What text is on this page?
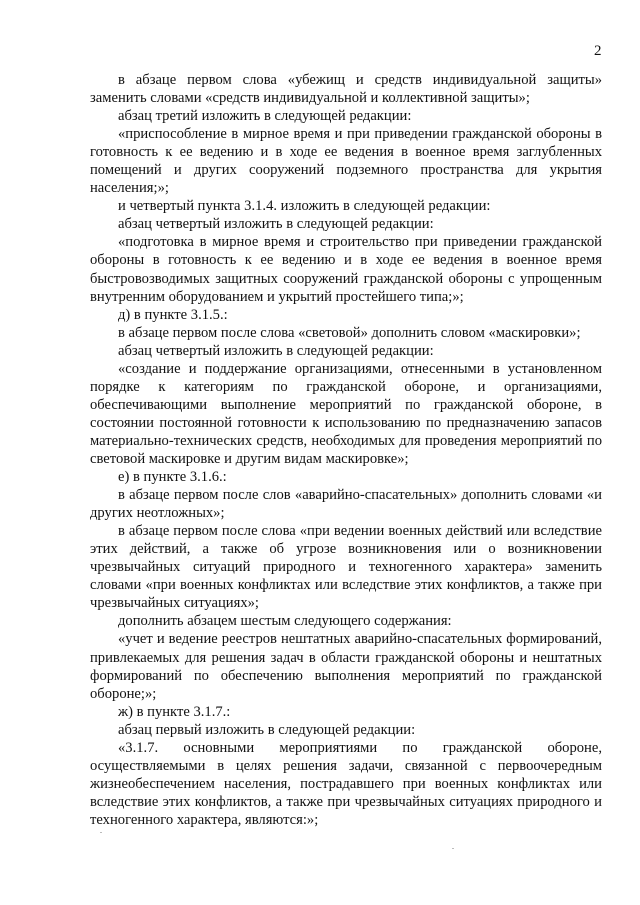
2

в абзаце первом слова «убежищ и средств индивидуальной защиты» заменить словами «средств индивидуальной и коллективной защиты»;

абзац третий изложить в следующей редакции:

«приспособление в мирное время и при приведении гражданской обороны в готовность к ее ведению и в ходе ее ведения в военное время заглубленных помещений и других сооружений подземного пространства для укрытия населения;»;

и четвертый пункта 3.1.4. изложить в следующей редакции:

абзац четвертый изложить в следующей редакции:

«подготовка в мирное время и строительство при приведении гражданской обороны в готовность к ее ведению и в ходе ее ведения в военное время быстровозводимых защитных сооружений гражданской обороны с упрощенным внутренним оборудованием и укрытий простейшего типа;»;

д) в пункте 3.1.5.:

в абзаце первом после слова «световой» дополнить словом «маскировки»;

абзац четвертый изложить в следующей редакции:

«создание и поддержание организациями, отнесенными в установленном порядке к категориям по гражданской обороне, и организациями, обеспечивающими выполнение мероприятий по гражданской обороне, в состоянии постоянной готовности к использованию по предназначению запасов материально-технических средств, необходимых для проведения мероприятий по световой маскировке и другим видам маскировке»;

е) в пункте 3.1.6.:

в абзаце первом после слов «аварийно-спасательных» дополнить словами «и других неотложных»;

в абзаце первом после слова «при ведении военных действий или вследствие этих действий, а также об угрозе возникновения или о возникновении чрезвычайных ситуаций природного и техногенного характера» заменить словами «при военных конфликтах или вследствие этих конфликтов, а также при чрезвычайных ситуациях»;

дополнить абзацем шестым следующего содержания:

«учет и ведение реестров нештатных аварийно-спасательных формирований, привлекаемых для решения задач в области гражданской обороны и нештатных формирований по обеспечению выполнения мероприятий по гражданской обороне;»;

ж) в пункте 3.1.7.:

абзац первый изложить в следующей редакции:

«3.1.7. основными мероприятиями по гражданской обороне, осуществляемыми в целях решения задачи, связанной с первоочередным жизнеобеспечением населения, пострадавшего при военных конфликтах или вследствие этих конфликтов, а также при чрезвычайных ситуациях природного и техногенного характера, являются:»;
